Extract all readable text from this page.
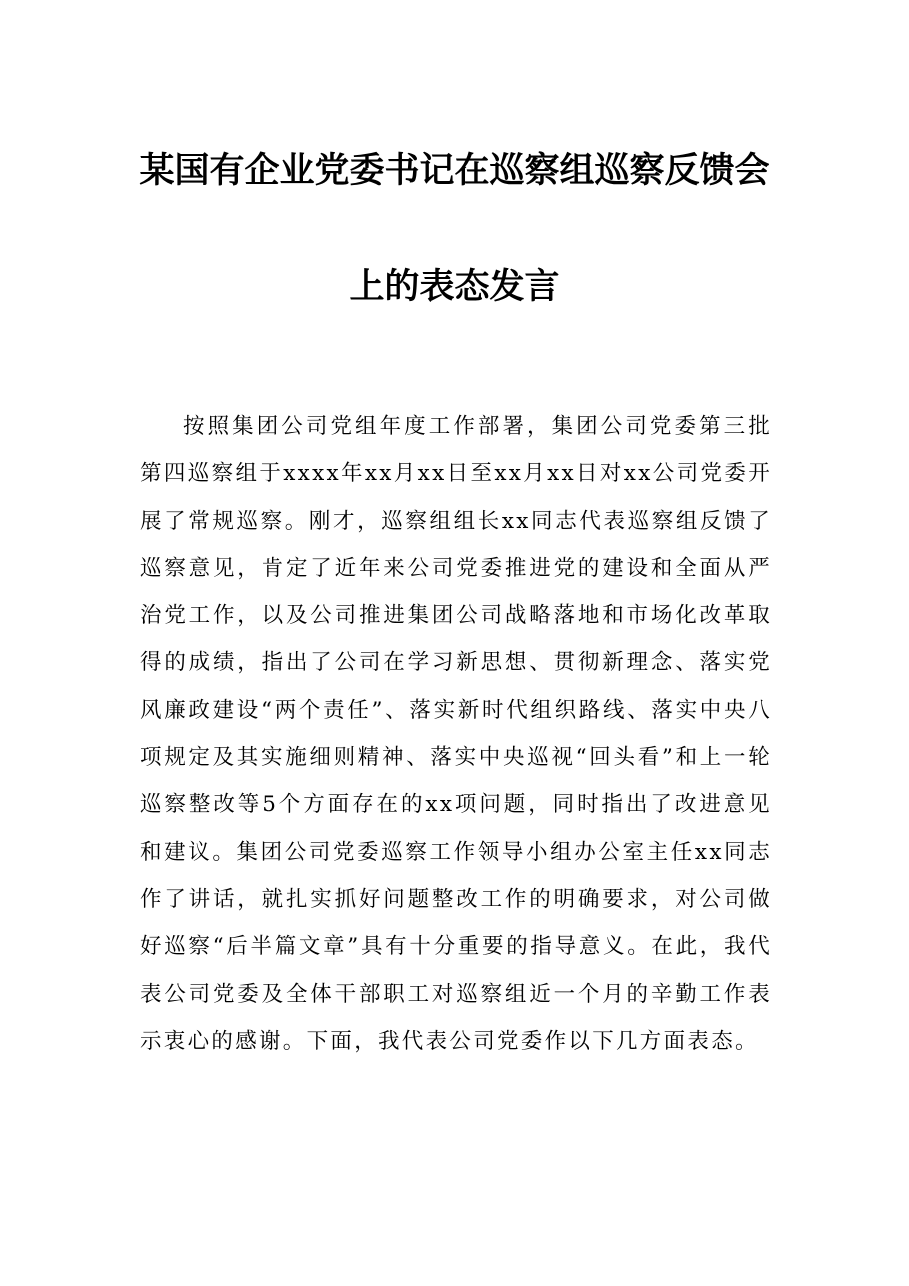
某国有企业党委书记在巡察组巡察反馈会
上的表态发言

按照集团公司党组年度工作部署，集团公司党委第三批第四巡察组于xxxx年xx月xx日至xx月xx日对xx公司党委开展了常规巡察。刚才，巡察组组长xx同志代表巡察组反馈了巡察意见，肯定了近年来公司党委推进党的建设和全面从严治党工作，以及公司推进集团公司战略落地和市场化改革取得的成绩，指出了公司在学习新思想、贯彻新理念、落实党风廉政建设“两个责任”、落实新时代组织路线、落实中央八项规定及其实施细则精神、落实中央巡视“回头看”和上一轮巡察整改等5个方面存在的xx项问题，同时指出了改进意见和建议。集团公司党委巡察工作领导小组办公室主任xx同志作了讲话，就扎实抓好问题整改工作的明确要求，对公司做好巡察“后半篇文章”具有十分重要的指导意义。在此，我代表公司党委及全体干部职工对巡察组近一个月的辛勤工作表示衷心的感谢。下面，我代表公司党委作以下几方面表态。
